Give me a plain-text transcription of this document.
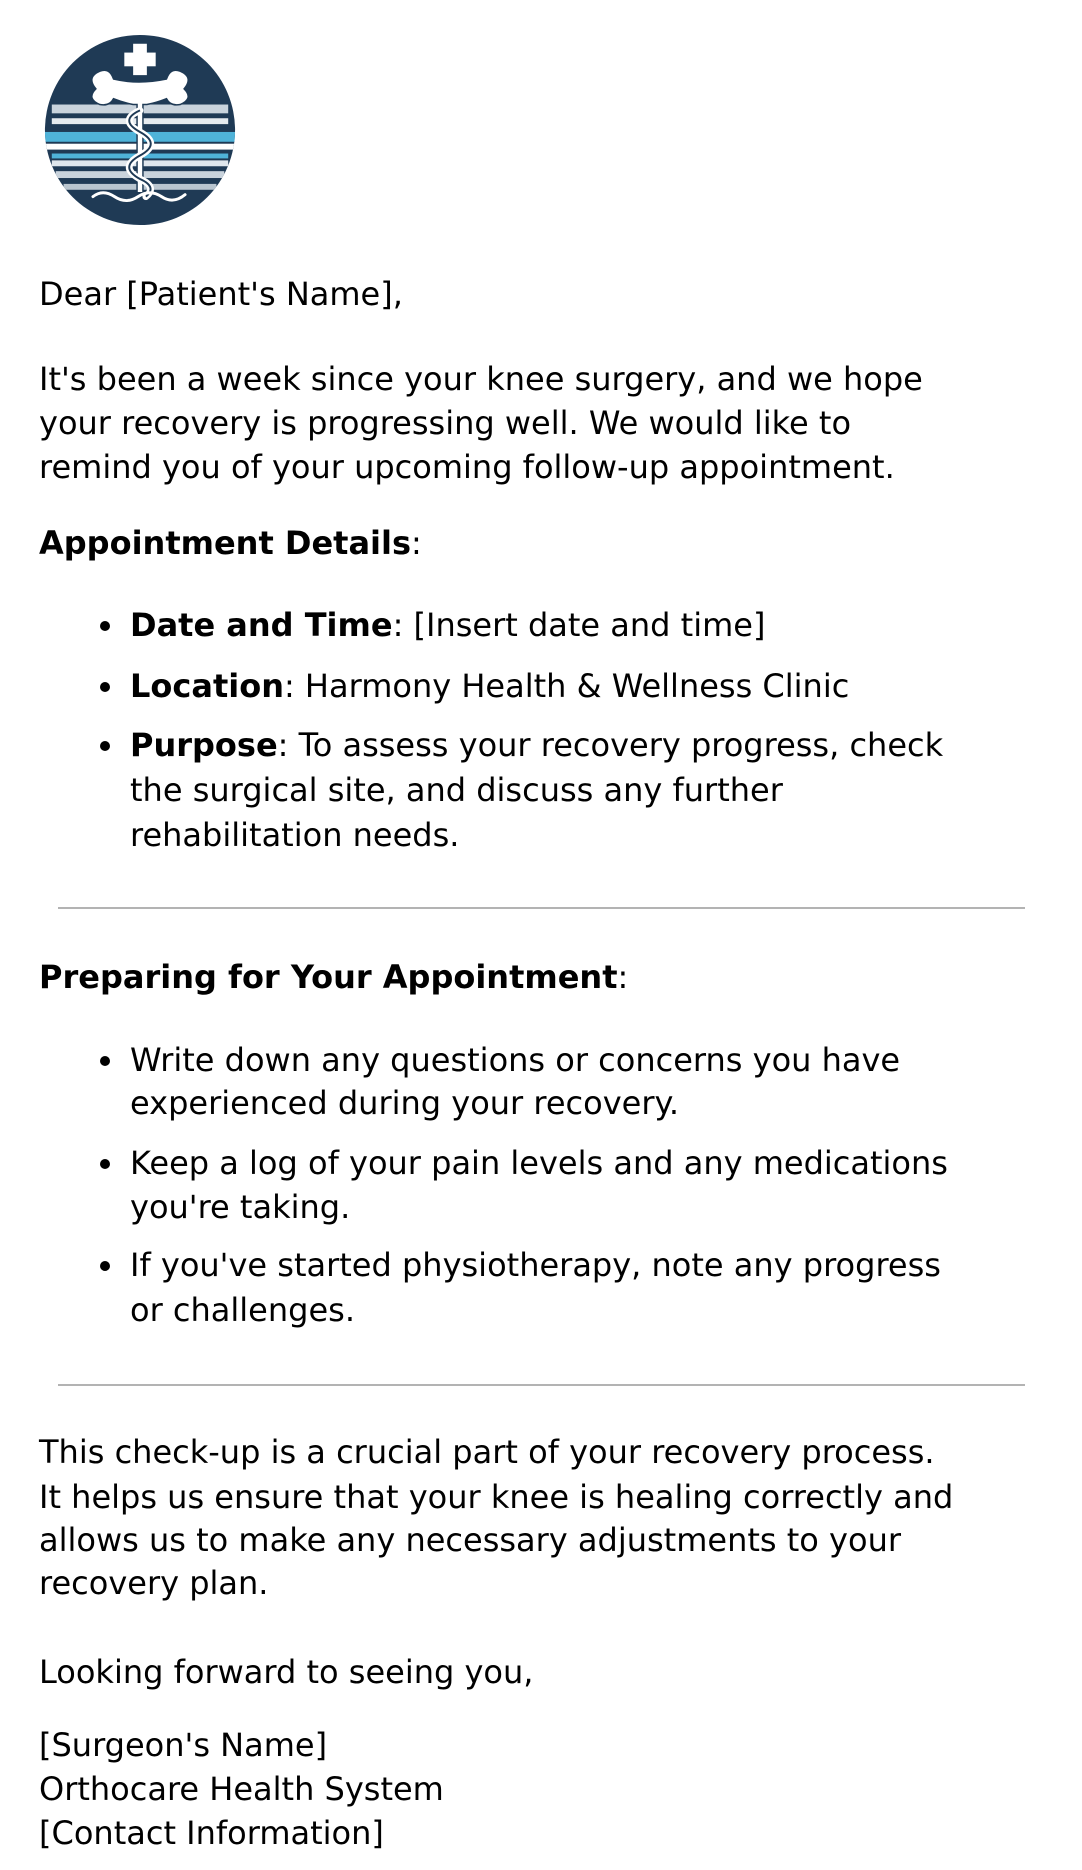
Dear [Patient's Name],
It's been a week since your knee surgery, and we hope
your recovery is progressing well. We would like to
remind you of your upcoming follow-up appointment.
Appointment Details:
Date and Time: [Insert date and time]
Location: Harmony Health & Wellness Clinic
Purpose: To assess your recovery progress, check
the surgical site, and discuss any further
rehabilitation needs.
Preparing for Your Appointment:
Write down any questions or concerns you have
experienced during your recovery.
Keep a log of your pain levels and any medications
you're taking.
If you've started physiotherapy, note any progress
or challenges.
This check-up is a crucial part of your recovery process.
It helps us ensure that your knee is healing correctly and
allows us to make any necessary adjustments to your
recovery plan.
Looking forward to seeing you,
[Surgeon's Name]
Orthocare Health System
[Contact Information]
